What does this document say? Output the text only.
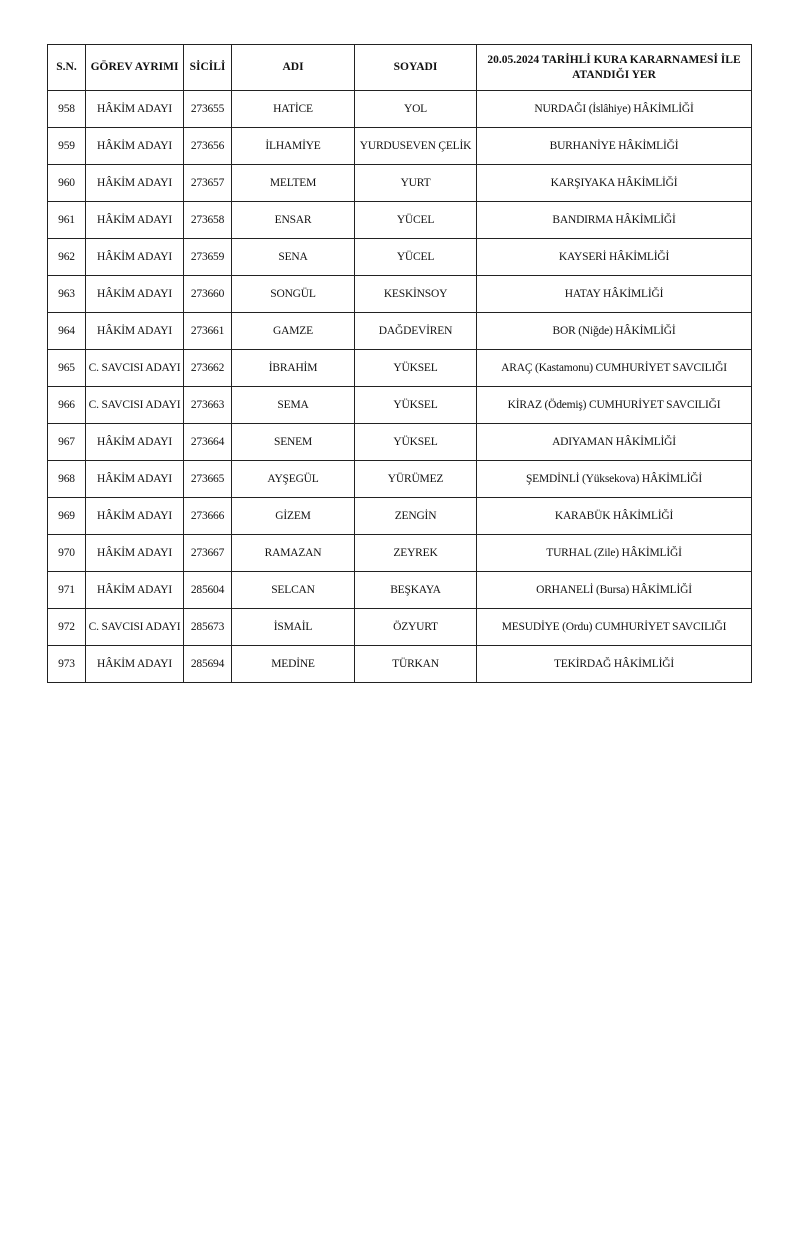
S.N.	GÖREV AYRIMI	SİCİLİ	ADI	SOYADI	20.05.2024 TARİHLİ KURA KARARNAMESİ İLE
ATANDIĞI YER
958	HÂKİM ADAYI	273655	HATİCE	YOL	NURDAĞI (İslâhiye) HÂKİMLİĞİ
959	HÂKİM ADAYI	273656	İLHAMİYE	YURDUSEVEN ÇELİK	BURHANİYE HÂKİMLİĞİ
960	HÂKİM ADAYI	273657	MELTEM	YURT	KARŞIYAKA HÂKİMLİĞİ
961	HÂKİM ADAYI	273658	ENSAR	YÜCEL	BANDIRMA HÂKİMLİĞİ
962	HÂKİM ADAYI	273659	SENA	YÜCEL	KAYSERİ HÂKİMLİĞİ
963	HÂKİM ADAYI	273660	SONGÜL	KESKİNSOY	HATAY HÂKİMLİĞİ
964	HÂKİM ADAYI	273661	GAMZE	DAĞDEVİREN	BOR (Niğde) HÂKİMLİĞİ
965	C. SAVCISI ADAYI	273662	İBRAHİM	YÜKSEL	ARAÇ (Kastamonu) CUMHURİYET SAVCILIĞI
966	C. SAVCISI ADAYI	273663	SEMA	YÜKSEL	KİRAZ (Ödemiş) CUMHURİYET SAVCILIĞI
967	HÂKİM ADAYI	273664	SENEM	YÜKSEL	ADIYAMAN HÂKİMLİĞİ
968	HÂKİM ADAYI	273665	AYŞEGÜL	YÜRÜMEZ	ŞEMDİNLİ (Yüksekova) HÂKİMLİĞİ
969	HÂKİM ADAYI	273666	GİZEM	ZENGİN	KARABÜK HÂKİMLİĞİ
970	HÂKİM ADAYI	273667	RAMAZAN	ZEYREK	TURHAL (Zile) HÂKİMLİĞİ
971	HÂKİM ADAYI	285604	SELCAN	BEŞKAYA	ORHANELİ (Bursa) HÂKİMLİĞİ
972	C. SAVCISI ADAYI	285673	İSMAİL	ÖZYURT	MESUDİYE (Ordu) CUMHURİYET SAVCILIĞI
973	HÂKİM ADAYI	285694	MEDİNE	TÜRKAN	TEKİRDAĞ HÂKİMLİĞİ
